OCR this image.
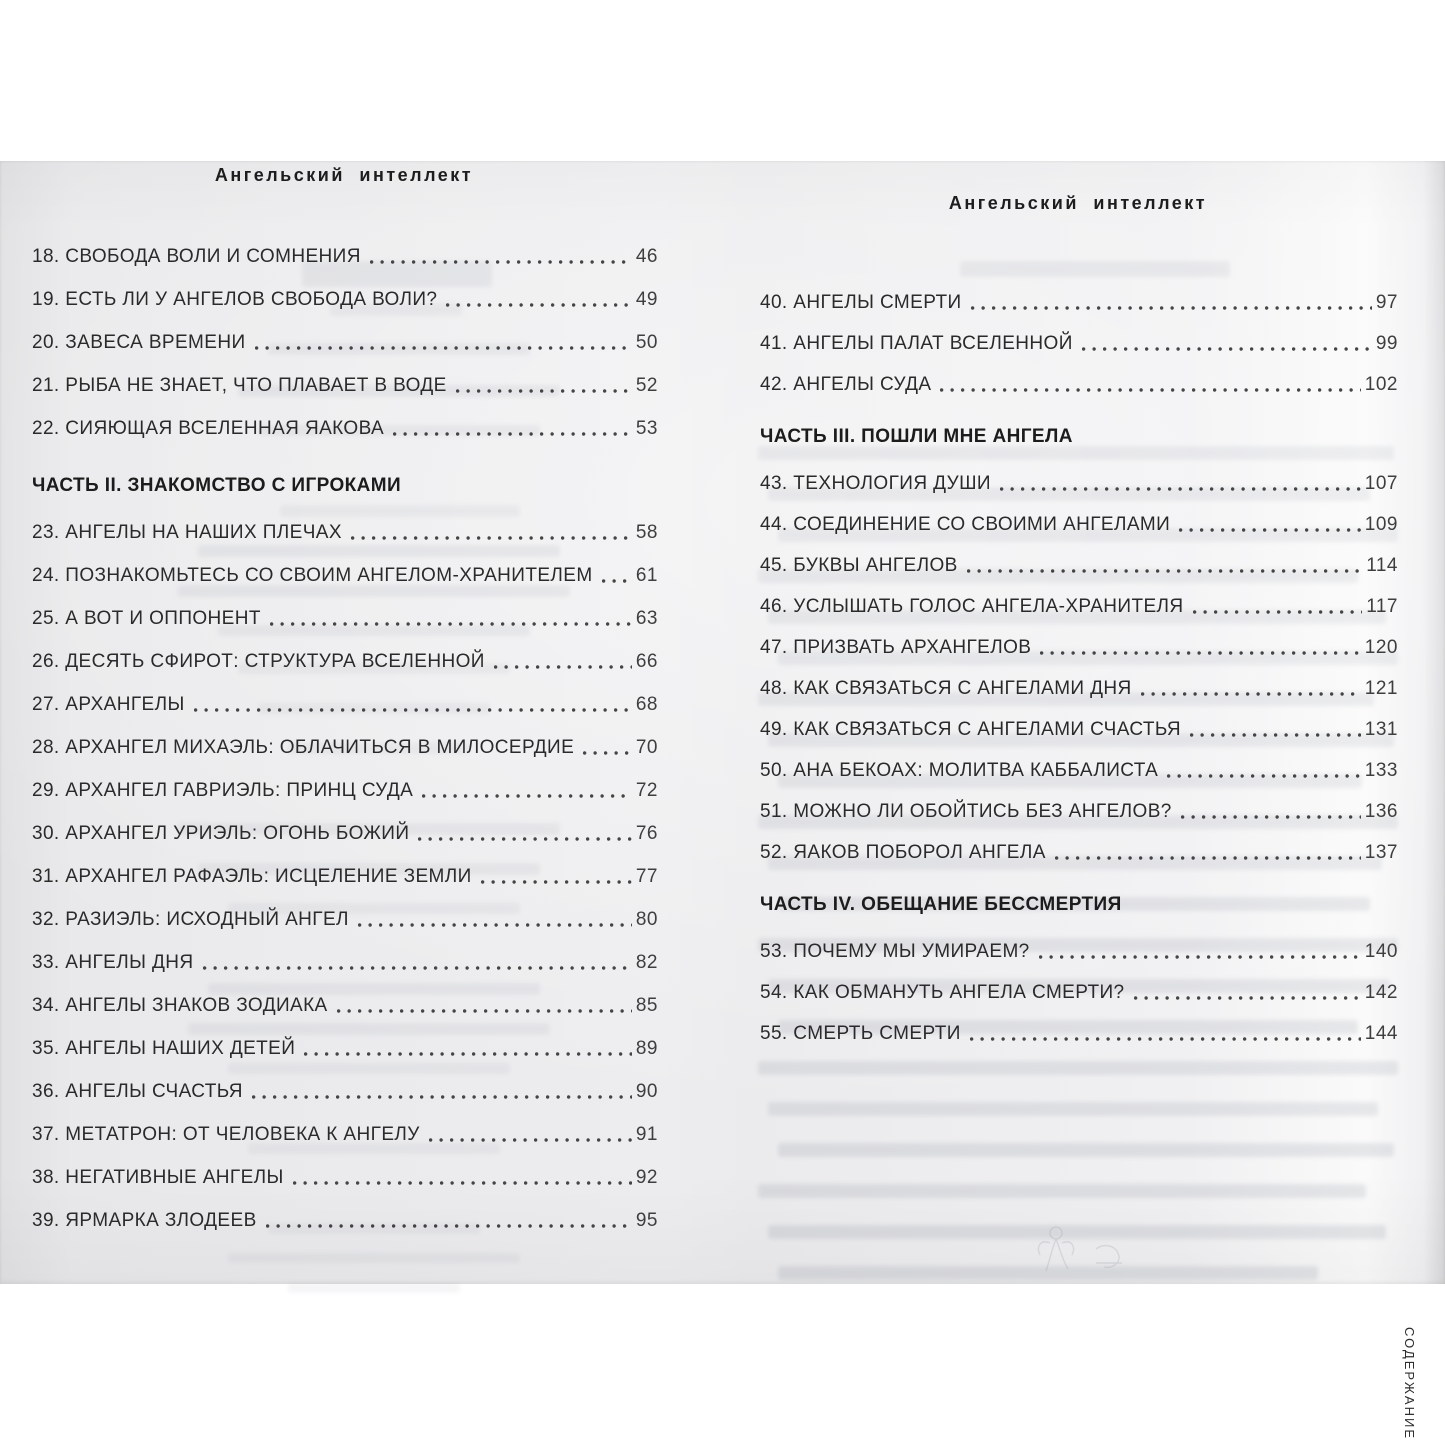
Ангельский интеллект
18. СВОБОДА ВОЛИ И СОМНЕНИЯ	46
19. ЕСТЬ ЛИ У АНГЕЛОВ СВОБОДА ВОЛИ?	49
20. ЗАВЕСА ВРЕМЕНИ	50
21. РЫБА НЕ ЗНАЕТ, ЧТО ПЛАВАЕТ В ВОДЕ	52
22. СИЯЮЩАЯ ВСЕЛЕННАЯ ЯАКОВА	53
ЧАСТЬ II. ЗНАКОМСТВО С ИГРОКАМИ
23. АНГЕЛЫ НА НАШИХ ПЛЕЧАХ	58
24. ПОЗНАКОМЬТЕСЬ СО СВОИМ АНГЕЛОМ-ХРАНИТЕЛЕМ 61
25. А ВОТ И ОППОНЕНТ	63
26. ДЕСЯТЬ СФИРОТ: СТРУКТУРА ВСЕЛЕННОЙ	66
27. АРХАНГЕЛЫ	68
28. АРХАНГЕЛ МИХАЭЛЬ: ОБЛАЧИТЬСЯ В МИЛОСЕРДИЕ	70
29. АРХАНГЕЛ ГАВРИЭЛЬ: ПРИНЦ СУДА	72
30. АРХАНГЕЛ УРИЭЛЬ: ОГОНЬ БОЖИЙ	76
31. АРХАНГЕЛ РАФАЭЛЬ: ИСЦЕЛЕНИЕ ЗЕМЛИ	77
32. РАЗИЭЛЬ: ИСХОДНЫЙ АНГЕЛ	80
33. АНГЕЛЫ ДНЯ	82
34. АНГЕЛЫ ЗНАКОВ ЗОДИАКА	85
35. АНГЕЛЫ НАШИХ ДЕТЕЙ	89
36. АНГЕЛЫ СЧАСТЬЯ	90
37. МЕТАТРОН: ОТ ЧЕЛОВЕКА К АНГЕЛУ	91
38. НЕГАТИВНЫЕ АНГЕЛЫ	92
39. ЯРМАРКА ЗЛОДЕЕВ	95
Ангельский интеллект
40. АНГЕЛЫ СМЕРТИ	97
41. АНГЕЛЫ ПАЛАТ ВСЕЛЕННОЙ	99
42. АНГЕЛЫ СУДА	102
ЧАСТЬ III. ПОШЛИ МНЕ АНГЕЛА
43. ТЕХНОЛОГИЯ ДУШИ	107
44. СОЕДИНЕНИЕ СО СВОИМИ АНГЕЛАМИ	109
45. БУКВЫ АНГЕЛОВ	114
46. УСЛЫШАТЬ ГОЛОС АНГЕЛА-ХРАНИТЕЛЯ	117
47. ПРИЗВАТЬ АРХАНГЕЛОВ	120
48. КАК СВЯЗАТЬСЯ С АНГЕЛАМИ ДНЯ	121
49. КАК СВЯЗАТЬСЯ С АНГЕЛАМИ СЧАСТЬЯ	131
50. АНА БЕКОАХ: МОЛИТВА КАББАЛИСТА	133
51. МОЖНО ЛИ ОБОЙТИСЬ БЕЗ АНГЕЛОВ?	136
52. ЯАКОВ ПОБОРОЛ АНГЕЛА	137
ЧАСТЬ IV. ОБЕЩАНИЕ БЕССМЕРТИЯ
53. ПОЧЕМУ МЫ УМИРАЕМ?	140
54. КАК ОБМАНУТЬ АНГЕЛА СМЕРТИ?	142
55. СМЕРТЬ СМЕРТИ	144
СОДЕРЖАНИЕ
